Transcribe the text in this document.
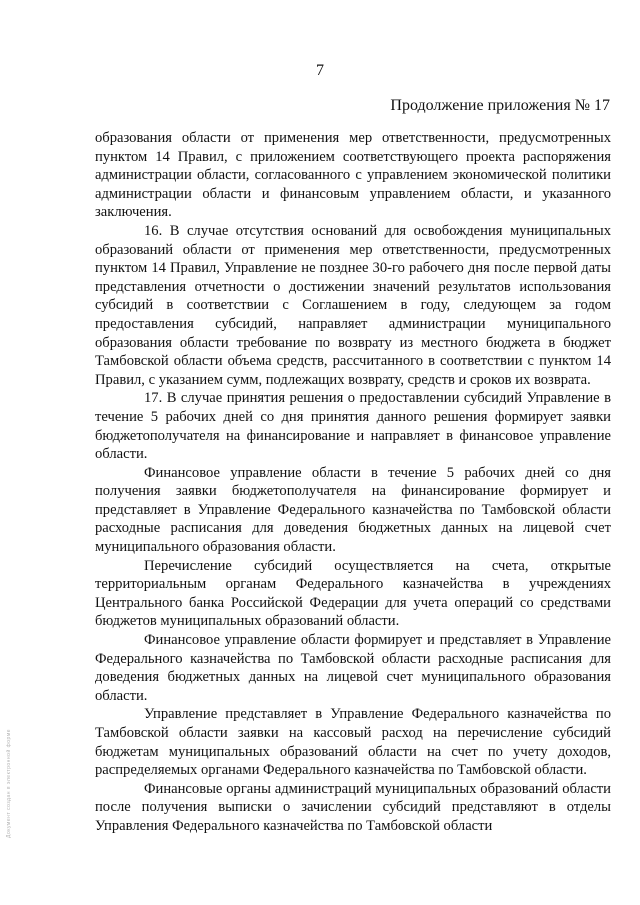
7
Продолжение приложения № 17

образования области от применения мер ответственности, предусмотренных пунктом 14 Правил, с приложением соответствующего проекта распоряжения администрации области, согласованного с управлением экономической политики администрации области и финансовым управлением области, и указанного заключения.

16. В случае отсутствия оснований для освобождения муниципальных образований области от применения мер ответственности, предусмотренных пунктом 14 Правил, Управление не позднее 30-го рабочего дня после первой даты представления отчетности о достижении значений результатов использования субсидий в соответствии с Соглашением в году, следующем за годом предоставления субсидий, направляет администрации муниципального образования области требование по возврату из местного бюджета в бюджет Тамбовской области объема средств, рассчитанного в соответствии с пунктом 14 Правил, с указанием сумм, подлежащих возврату, средств и сроков их возврата.

17. В случае принятия решения о предоставлении субсидий Управление в течение 5 рабочих дней со дня принятия данного решения формирует заявки бюджетополучателя на финансирование и направляет в финансовое управление области.

Финансовое управление области в течение 5 рабочих дней со дня получения заявки бюджетополучателя на финансирование формирует и представляет в Управление Федерального казначейства по Тамбовской области расходные расписания для доведения бюджетных данных на лицевой счет муниципального образования области.

Перечисление субсидий осуществляется на счета, открытые территориальным органам Федерального казначейства в учреждениях Центрального банка Российской Федерации для учета операций со средствами бюджетов муниципальных образований области.

Финансовое управление области формирует и представляет в Управление Федерального казначейства по Тамбовской области расходные расписания для доведения бюджетных данных на лицевой счет муниципального образования области.

Управление представляет в Управление Федерального казначейства по Тамбовской области заявки на кассовый расход на перечисление субсидий бюджетам муниципальных образований области на счет по учету доходов, распределяемых органами Федерального казначейства по Тамбовской области.

Финансовые органы администраций муниципальных образований области после получения выписки о зачислении субсидий представляют в отделы Управления Федерального казначейства по Тамбовской области

Документ создан в электронной форме
